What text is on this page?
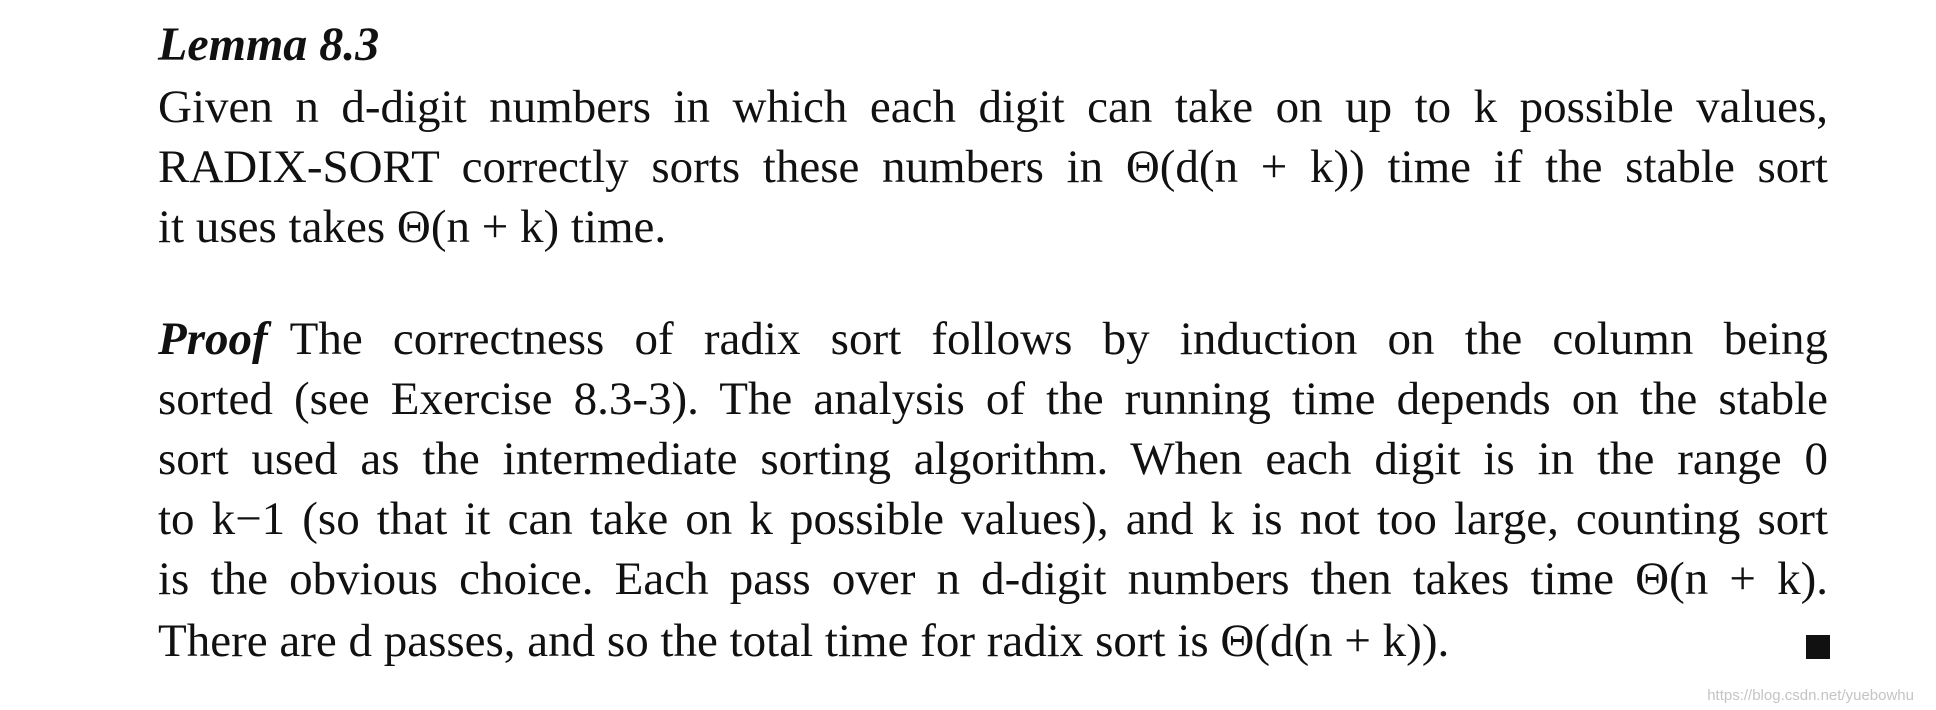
Lemma 8.3
Given n d-digit numbers in which each digit can take on up to k possible values,
RADIX-SORT correctly sorts these numbers in Θ(d(n + k)) time if the stable sort
it uses takes Θ(n + k) time.
Proof The correctness of radix sort follows by induction on the column being
sorted (see Exercise 8.3-3). The analysis of the running time depends on the stable
sort used as the intermediate sorting algorithm. When each digit is in the range 0
to k−1 (so that it can take on k possible values), and k is not too large, counting sort
is the obvious choice. Each pass over n d-digit numbers then takes time Θ(n + k).
There are d passes, and so the total time for radix sort is Θ(d(n + k)).
https://blog.csdn.net/yuebowhu
